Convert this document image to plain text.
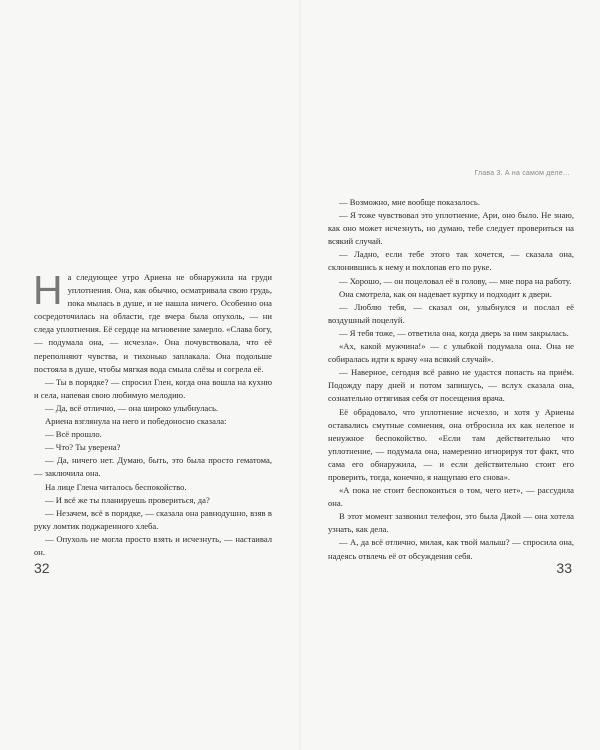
На следующее утро Ариена не обнаружила на груди уплотнения. Она, как обычно, осматривала свою грудь, пока мылась в душе, и не нашла ничего. Особенно она сосредоточилась на области, где вчера была опухоль, — ни следа уплотнения. Её сердце на мгновение замерло. «Слава богу, — подумала она, — исчезла». Она почувствовала, что её переполняют чувства, и тихонько заплакала. Она подольше постояла в душе, чтобы мягкая вода смыла слёзы и согрела её.

— Ты в порядке? — спросил Глен, когда она вошла на кухню и села, напевая свою любимую мелодию.

— Да, всё отлично, — она широко улыбнулась.

Ариена взглянула на него и победоносно сказала:

— Всё прошло.

— Что? Ты уверена?

— Да, ничего нет. Думаю, быть, это была просто гематома, — заключила она.

На лице Глена читалось беспокойство.

— И всё же ты планируешь провериться, да?

— Незачем, всё в порядке, — сказала она равнодушно, взяв в руку ломтик поджаренного хлеба.

— Опухоль не могла просто взять и исчезнуть, — настаивал он.

32
Глава 3. А на самом деле…

— Возможно, мне вообще показалось.

— Я тоже чувствовал это уплотнение, Ари, оно было. Не знаю, как оно может исчезнуть, но думаю, тебе следует провериться на всякий случай.

— Ладно, если тебе этого так хочется, — сказала она, склонившись к нему и похлопав его по руке.

— Хорошо, — он поцеловал её в голову, — мне пора на работу.

Она смотрела, как он надевает куртку и подходит к двери.

— Люблю тебя, — сказал он, улыбнулся и послал её воздушный поцелуй.

— Я тебя тоже, — ответила она, когда дверь за ним закрылась.

«Ах, какой мужчина!» — с улыбкой подумала она. Она не собиралась идти к врачу «на всякий случай».

— Наверное, сегодня всё равно не удастся попасть на приём. Подожду пару дней и потом запишусь, — вслух сказала она, сознательно оттягивая себя от посещения врача.

Её обрадовало, что уплотнение исчезло, и хотя у Ариены оставались смутные сомнения, она отбросила их как нелепое и ненужное беспокойство. «Если там действительно что уплотнение, — подумала она, намеренно игнорируя тот факт, что сама его обнаружила, — и если действительно стоит его проверить, тогда, конечно, я нащупаю его снова».

«А пока не стоит беспокоиться о том, чего нет», — рассудила она.

В этот момент зазвонил телефон, это была Джой — она хотела узнать, как дела.

— А, да всё отлично, милая, как твой малыш? — спросила она, надеясь отвлечь её от обсуждения себя.

33
